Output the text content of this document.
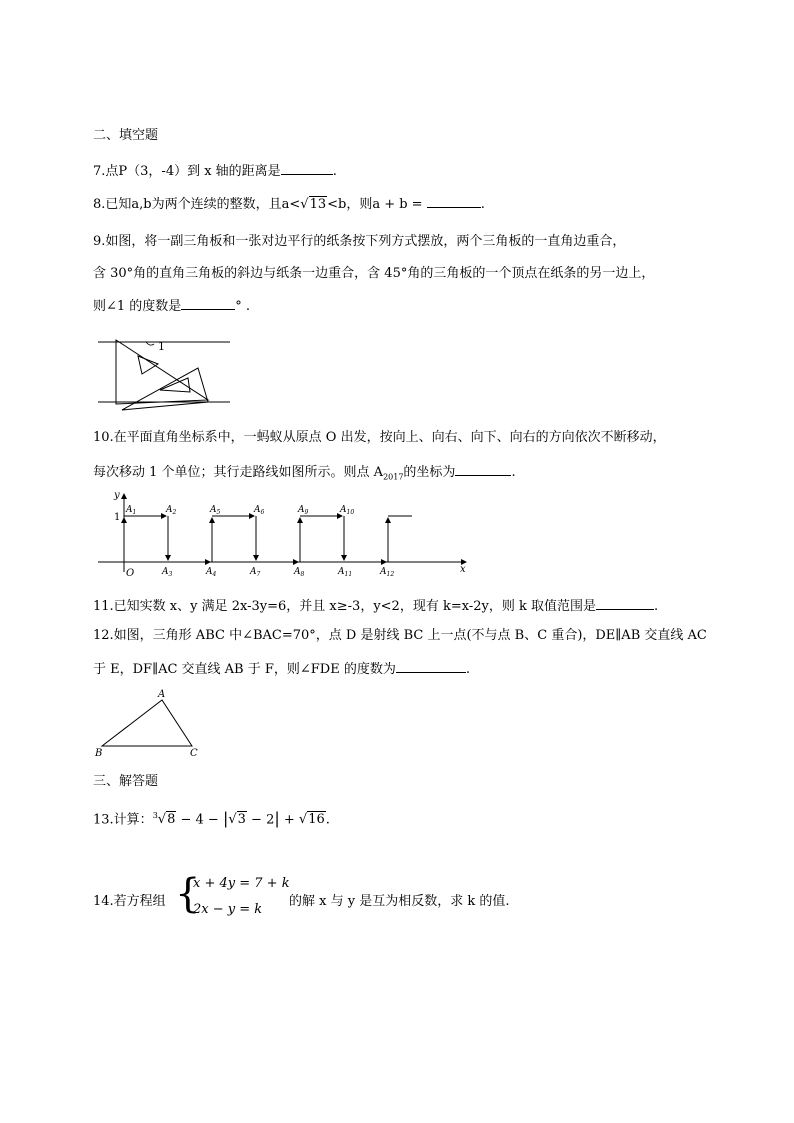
二、填空题
7.点P（3，-4）到 x 轴的距离是	.
8.已知a,b为两个连续的整数，且a<√13<b，则a + b =	.
9.如图，将一副三角板和一张对边平行的纸条按下列方式摆放，两个三角板的一直角边重合，
含 30°角的直角三角板的斜边与纸条一边重合，含 45°角的三角板的一个顶点在纸条的另一边上，
则∠1 的度数是	° .
1
10.在平面直角坐标系中，一蚂蚁从原点 O 出发，按向上、向右、向下、向右的方向依次不断移动，
每次移动 1 个单位；其行走路线如图所示。则点 $A_{2017}$的坐标为	.
y
x
O
1
$A_1$	$A_2$	$A_5$	$A_6$	$A_9$	$A_{10}$
$A_3$	$A_4$	$A_7$	$A_8$	$A_{11}$	$A_{12}$
11.已知实数 x、y 满足 2x-3y=6，并且 x≥-3，y<2，现有 k=x-2y，则 k 取值范围是	.
12.如图，三角形 ABC 中∠BAC=70°，点 D 是射线 BC 上一点(不与点 B、C 重合)，DE∥AB 交直线 AC
于 E，DF∥AC 交直线 AB 于 F，则∠FDE 的度数为	.
A
B	C
三、解答题
13.计算：$^3$√8 − 4 − |√3 − 2| + √16.
14.若方程组 {
x + 4y = 7 + k
2x − y = k
的解 x 与 y 是互为相反数，求 k 的值.
